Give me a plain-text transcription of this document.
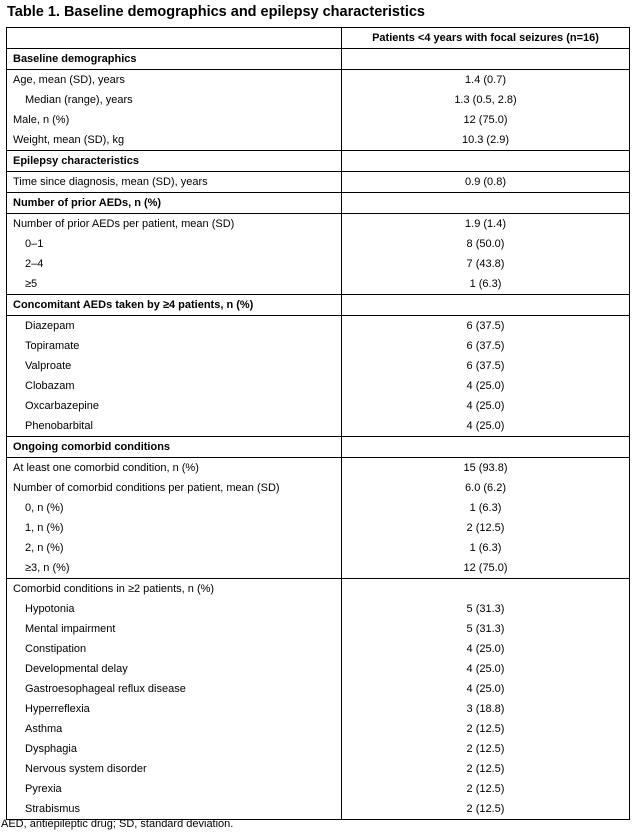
Table 1. Baseline demographics and epilepsy characteristics
	Patients <4 years with focal seizures (n=16)
Baseline demographics	
Age, mean (SD), years	1.4 (0.7)
Median (range), years	1.3 (0.5, 2.8)
Male, n (%)	12 (75.0)
Weight, mean (SD), kg	10.3 (2.9)
Epilepsy characteristics	
Time since diagnosis, mean (SD), years	0.9 (0.8)
Number of prior AEDs, n (%)	
Number of prior AEDs per patient, mean (SD)	1.9 (1.4)
0–1	8 (50.0)
2–4	7 (43.8)
≥5	1 (6.3)
Concomitant AEDs taken by ≥4 patients, n (%)	
Diazepam	6 (37.5)
Topiramate	6 (37.5)
Valproate	6 (37.5)
Clobazam	4 (25.0)
Oxcarbazepine	4 (25.0)
Phenobarbital	4 (25.0)
Ongoing comorbid conditions	
At least one comorbid condition, n (%)	15 (93.8)
Number of comorbid conditions per patient, mean (SD)	6.0 (6.2)
0, n (%)	1 (6.3)
1, n (%)	2 (12.5)
2, n (%)	1 (6.3)
≥3, n (%)	12 (75.0)
Comorbid conditions in ≥2 patients, n (%)	
Hypotonia	5 (31.3)
Mental impairment	5 (31.3)
Constipation	4 (25.0)
Developmental delay	4 (25.0)
Gastroesophageal reflux disease	4 (25.0)
Hyperreflexia	3 (18.8)
Asthma	2 (12.5)
Dysphagia	2 (12.5)
Nervous system disorder	2 (12.5)
Pyrexia	2 (12.5)
Strabismus	2 (12.5)
AED, antiepileptic drug; SD, standard deviation.
